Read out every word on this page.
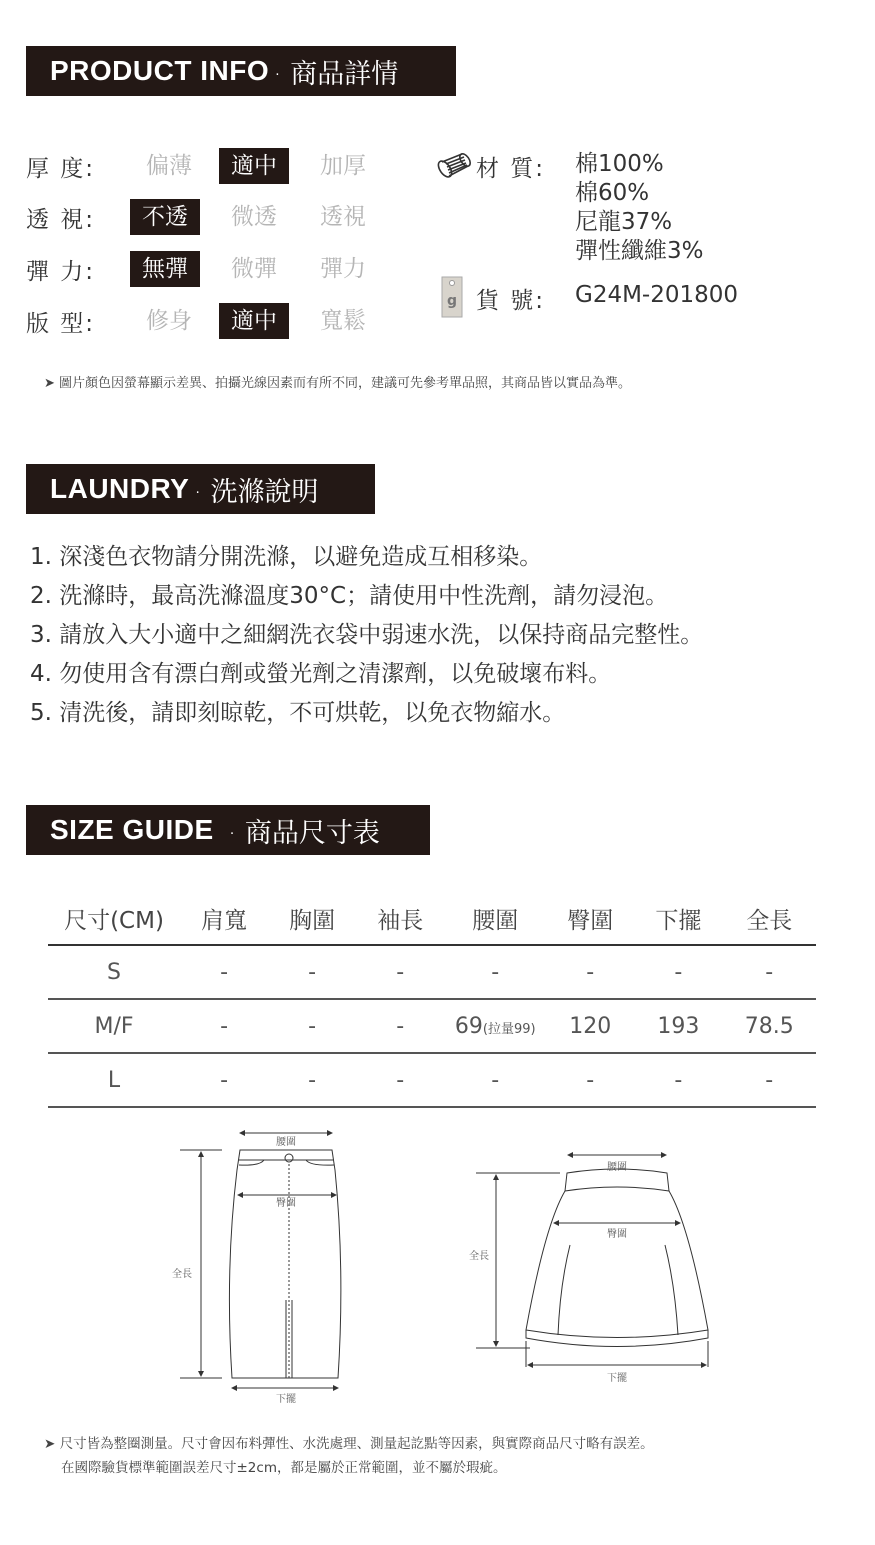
PRODUCT INFO · 商品詳情
厚 度:	偏薄	適中	加厚
透 視:	不透	微透	透視
彈 力:	無彈	微彈	彈力
版 型:	修身	適中	寬鬆
材 質: 棉100%
棉60%
尼龍37%
彈性纖維3%
g 貨 號: G24M-201800
➤ 圖片顏色因螢幕顯示差異、拍攝光線因素而有所不同，建議可先參考單品照，其商品皆以實品為準。
LAUNDRY · 洗滌說明
1. 深淺色衣物請分開洗滌，以避免造成互相移染。
2. 洗滌時，最高洗滌溫度30°C；請使用中性洗劑，請勿浸泡。
3. 請放入大小適中之細網洗衣袋中弱速水洗，以保持商品完整性。
4. 勿使用含有漂白劑或螢光劑之清潔劑，以免破壞布料。
5. 清洗後，請即刻晾乾，不可烘乾，以免衣物縮水。
SIZE GUIDE · 商品尺寸表
尺寸(CM)	肩寬	胸圍	袖長	腰圍	臀圍	下擺	全長
S	-	-	-	-	-	-	-
M/F	-	-	-	69(拉量99)	120	193	78.5
L	-	-	-	-	-	-	-
腰圍
臀圍
全長
下擺
腰圍
臀圍
全長
下擺
➤ 尺寸皆為整圈測量。尺寸會因布料彈性、水洗處理、測量起訖點等因素，與實際商品尺寸略有誤差。
在國際驗貨標準範圍誤差尺寸±2cm，都是屬於正常範圍，並不屬於瑕疵。
